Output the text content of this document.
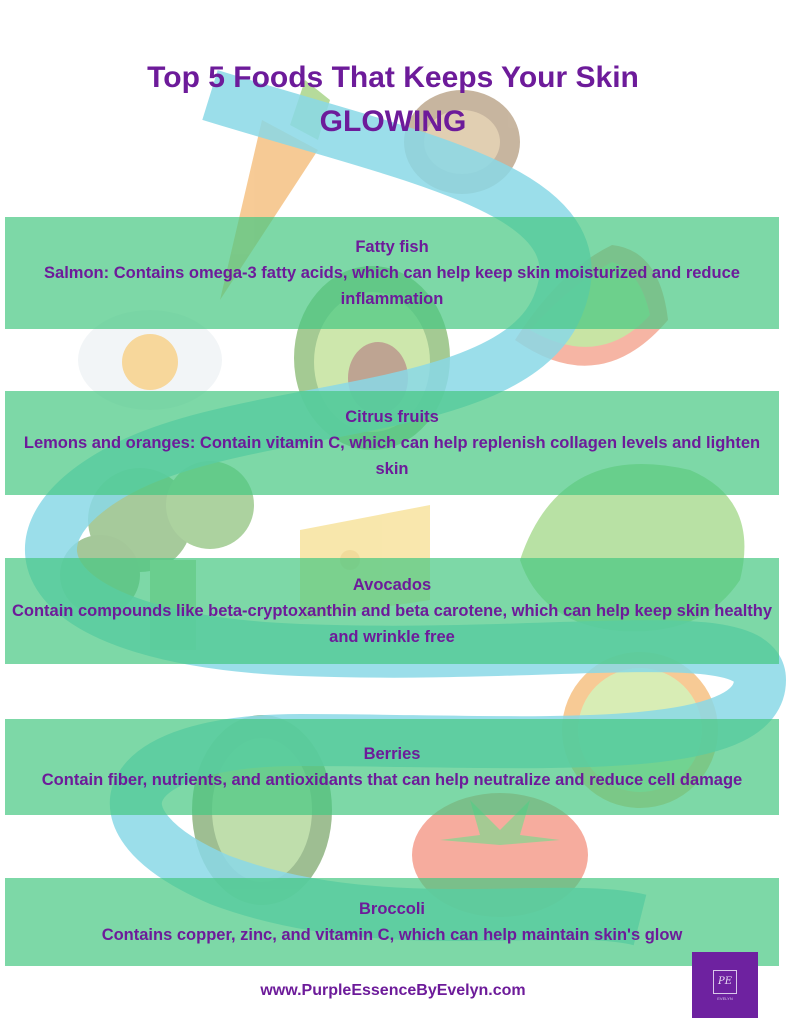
Top 5 Foods That Keeps Your Skin
GLOWING
Fatty fish
Salmon: Contains omega-3 fatty acids, which can help keep skin moisturized and reduce inflammation
Citrus fruits
Lemons and oranges: Contain vitamin C, which can help replenish collagen levels and lighten skin
Avocados
Contain compounds like beta-cryptoxanthin and beta carotene, which can help keep skin healthy and wrinkle free
Berries
Contain fiber, nutrients, and antioxidants that can help neutralize and reduce cell damage
Broccoli
Contains copper, zinc, and vitamin C, which can help maintain skin's glow
www.PurpleEssenceByEvelyn.com
PE
EVELYN
